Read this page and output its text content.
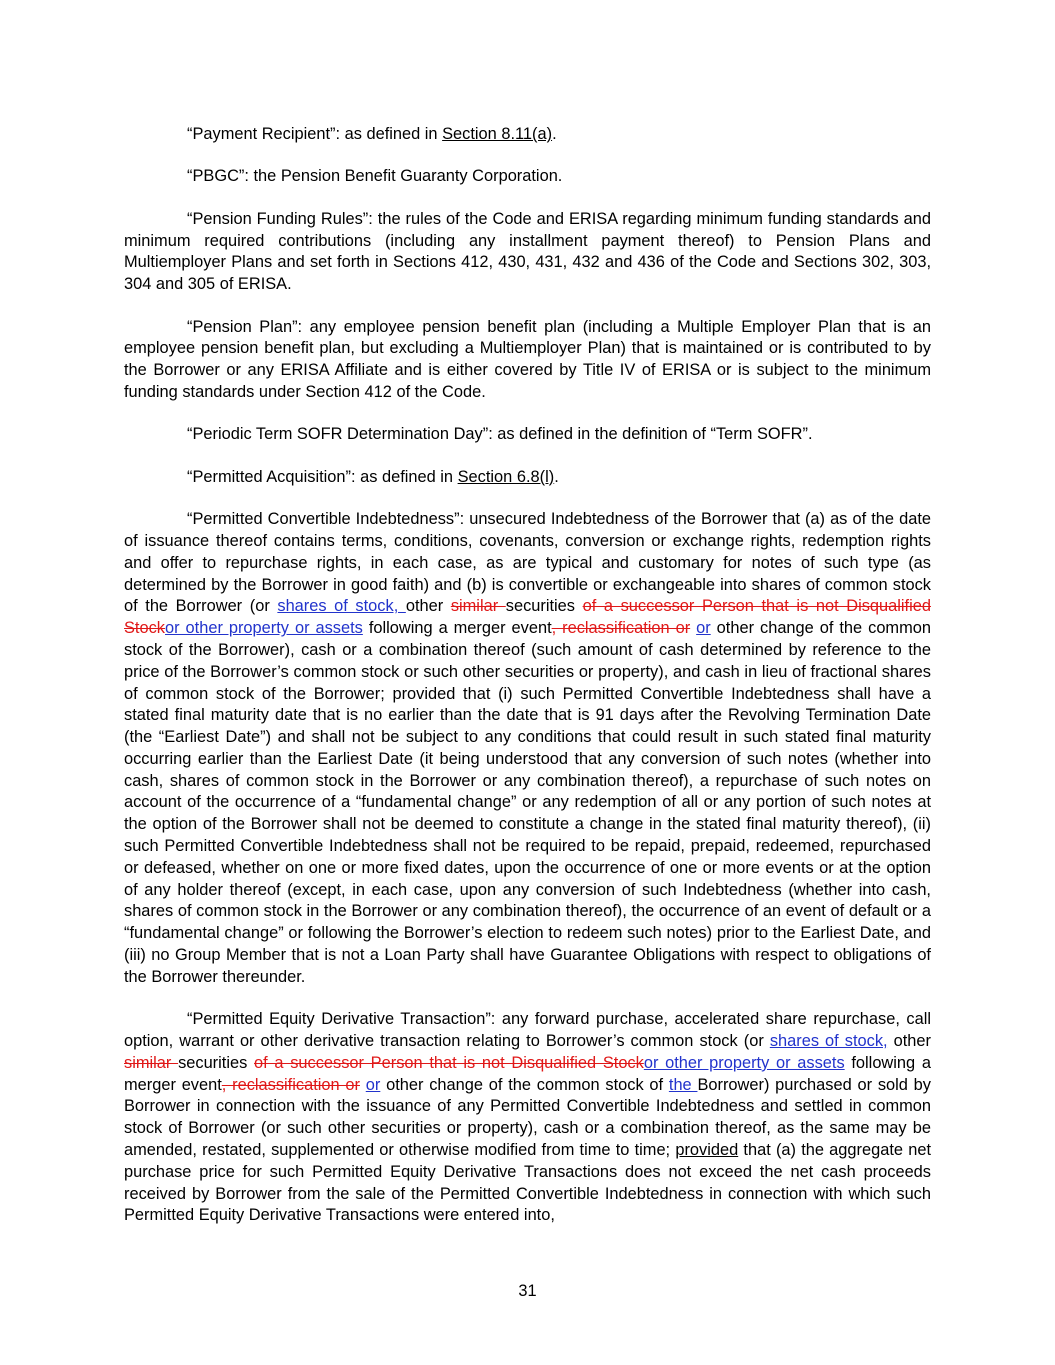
“Payment Recipient”: as defined in Section 8.11(a).

“PBGC”: the Pension Benefit Guaranty Corporation.

“Pension Funding Rules”: the rules of the Code and ERISA regarding minimum funding standards and minimum required contributions (including any installment payment thereof) to Pension Plans and Multiemployer Plans and set forth in Sections 412, 430, 431, 432 and 436 of the Code and Sections 302, 303, 304 and 305 of ERISA.

“Pension Plan”: any employee pension benefit plan (including a Multiple Employer Plan that is an employee pension benefit plan, but excluding a Multiemployer Plan) that is maintained or is contributed to by the Borrower or any ERISA Affiliate and is either covered by Title IV of ERISA or is subject to the minimum funding standards under Section 412 of the Code.

“Periodic Term SOFR Determination Day”: as defined in the definition of “Term SOFR”.

“Permitted Acquisition”: as defined in Section 6.8(l).

“Permitted Convertible Indebtedness”: unsecured Indebtedness of the Borrower that (a) as of the date of issuance thereof contains terms, conditions, covenants, conversion or exchange rights, redemption rights and offer to repurchase rights, in each case, as are typical and customary for notes of such type (as determined by the Borrower in good faith) and (b) is convertible or exchangeable into shares of common stock of the Borrower (or shares of stock, other similar securities of a successor Person that is not Disqualified Stockor other property or assets following a merger event, reclassification or or other change of the common stock of the Borrower), cash or a combination thereof (such amount of cash determined by reference to the price of the Borrower’s common stock or such other securities or property), and cash in lieu of fractional shares of common stock of the Borrower; provided that (i) such Permitted Convertible Indebtedness shall have a stated final maturity date that is no earlier than the date that is 91 days after the Revolving Termination Date (the “Earliest Date”) and shall not be subject to any conditions that could result in such stated final maturity occurring earlier than the Earliest Date (it being understood that any conversion of such notes (whether into cash, shares of common stock in the Borrower or any combination thereof), a repurchase of such notes on account of the occurrence of a “fundamental change” or any redemption of all or any portion of such notes at the option of the Borrower shall not be deemed to constitute a change in the stated final maturity thereof), (ii) such Permitted Convertible Indebtedness shall not be required to be repaid, prepaid, redeemed, repurchased or defeased, whether on one or more fixed dates, upon the occurrence of one or more events or at the option of any holder thereof (except, in each case, upon any conversion of such Indebtedness (whether into cash, shares of common stock in the Borrower or any combination thereof), the occurrence of an event of default or a “fundamental change” or following the Borrower’s election to redeem such notes) prior to the Earliest Date, and (iii) no Group Member that is not a Loan Party shall have Guarantee Obligations with respect to obligations of the Borrower thereunder.

“Permitted Equity Derivative Transaction”: any forward purchase, accelerated share repurchase, call option, warrant or other derivative transaction relating to Borrower’s common stock (or shares of stock, other similar securities of a successor Person that is not Disqualified Stockor other property or assets following a merger event, reclassification or or other change of the common stock of the Borrower) purchased or sold by Borrower in connection with the issuance of any Permitted Convertible Indebtedness and settled in common stock of Borrower (or such other securities or property), cash or a combination thereof, as the same may be amended, restated, supplemented or otherwise modified from time to time; provided that (a) the aggregate net purchase price for such Permitted Equity Derivative Transactions does not exceed the net cash proceeds received by Borrower from the sale of the Permitted Convertible Indebtedness in connection with which such Permitted Equity Derivative Transactions were entered into,

31
